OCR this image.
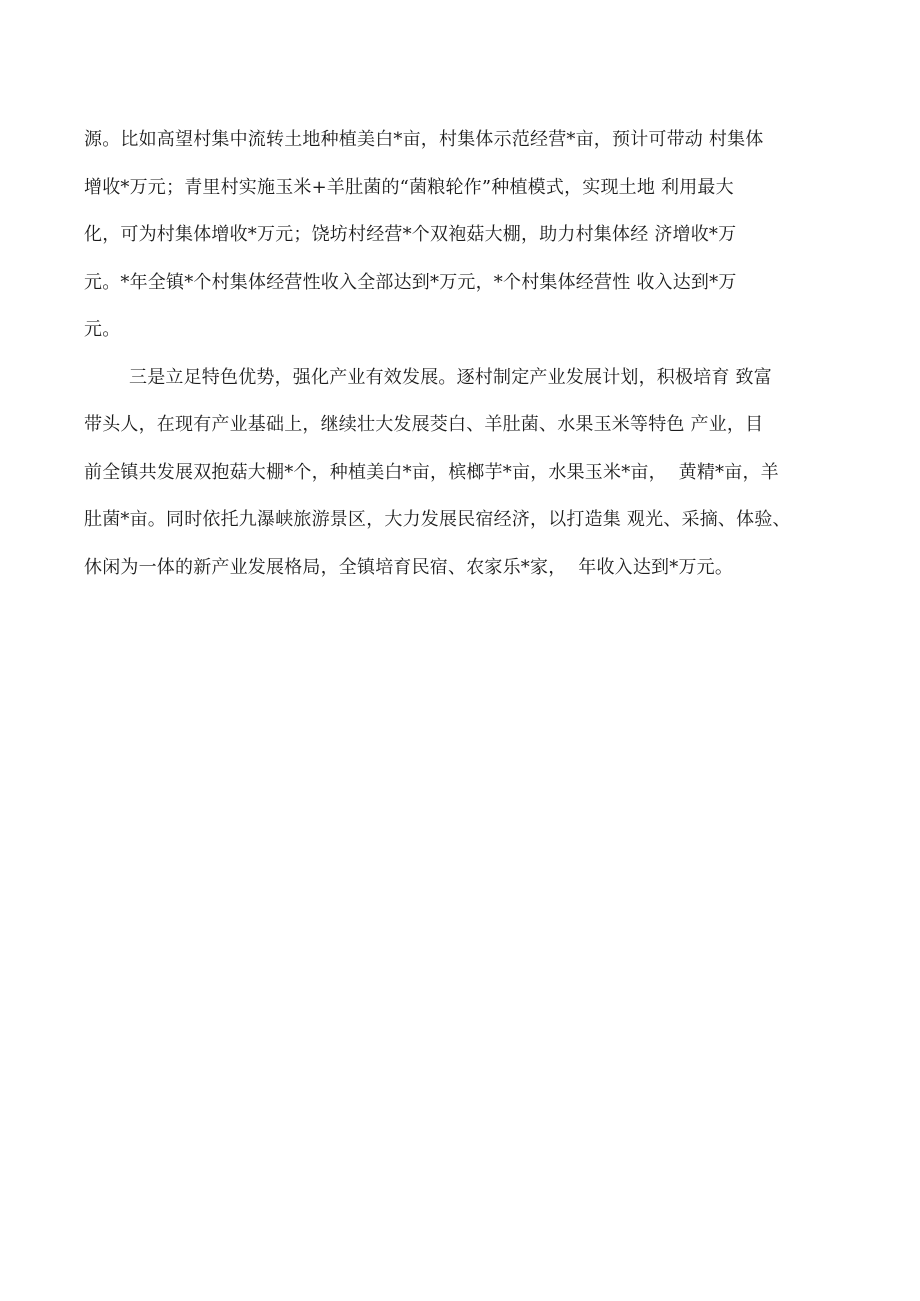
源。比如高望村集中流转土地种植美白*亩，村集体示范经营*亩，预计可带动 村集体

增收*万元；青里村实施玉米+羊肚菌的“菌粮轮作”种植模式，实现土地 利用最大

化，可为村集体增收*万元；饶坊村经营*个双袍菇大棚，助力村集体经 济增收*万

元。*年全镇*个村集体经营性收入全部达到*万元，*个村集体经营性 收入达到*万

元。

三是立足特色优势，强化产业有效发展。逐村制定产业发展计划，积极培育 致富

带头人，在现有产业基础上，继续壮大发展茭白、羊肚菌、水果玉米等特色 产业，目

前全镇共发展双抱菇大棚*个，种植美白*亩，槟榔芋*亩，水果玉米*亩，  黄精*亩，羊

肚菌*亩。同时依托九瀑峡旅游景区，大力发展民宿经济，以打造集 观光、采摘、体验、

休闲为一体的新产业发展格局，全镇培育民宿、农家乐*家，  年收入达到*万元。
